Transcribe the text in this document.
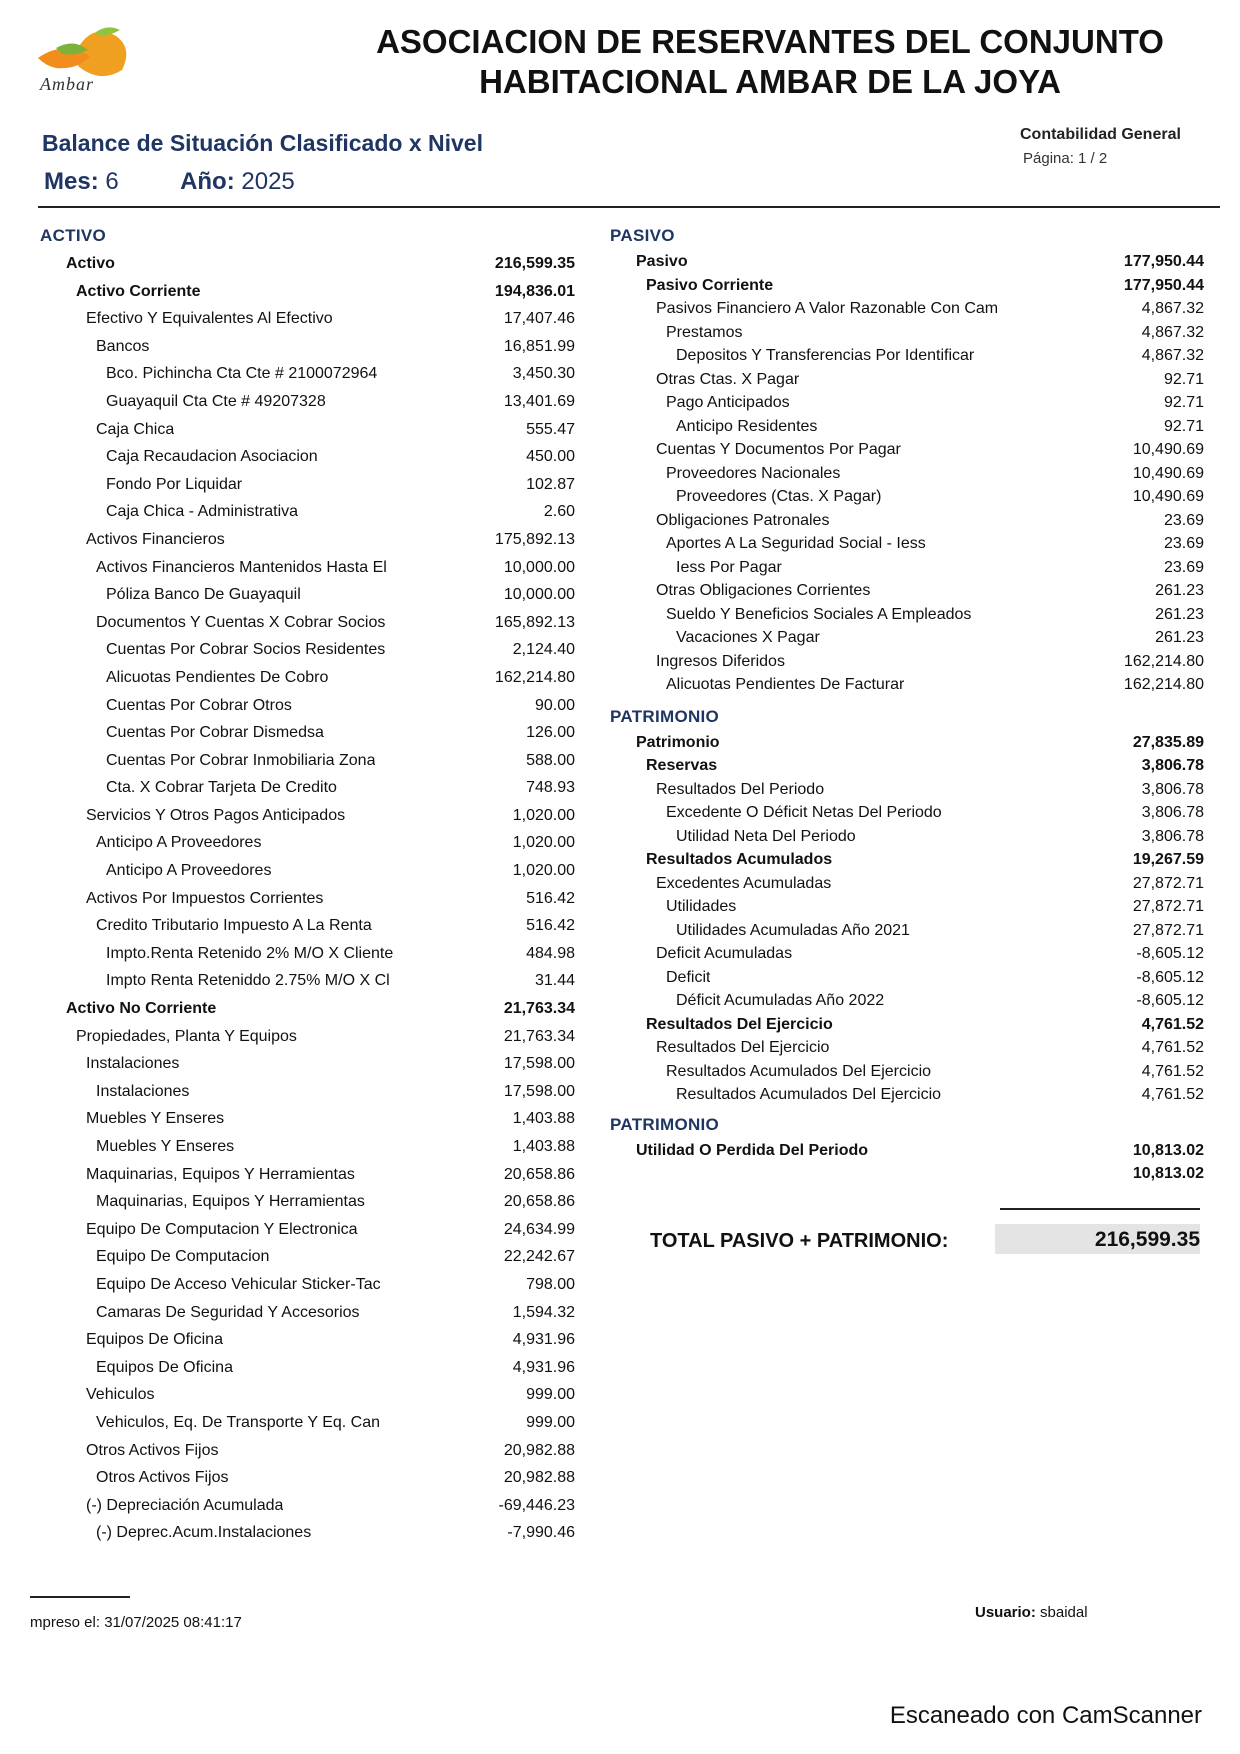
Ambar
ASOCIACION DE RESERVANTES DEL CONJUNTO
HABITACIONAL AMBAR DE LA JOYA
Balance de Situación Clasificado x Nivel
Mes: 6	Año: 2025
Contabilidad General
Página: 1 / 2
ACTIVO
Activo	216,599.35
Activo Corriente	194,836.01
Efectivo Y Equivalentes Al Efectivo	17,407.46
Bancos	16,851.99
Bco. Pichincha Cta Cte # 2100072964	3,450.30
Guayaquil Cta Cte # 49207328	13,401.69
Caja Chica	555.47
Caja Recaudacion Asociacion	450.00
Fondo Por Liquidar	102.87
Caja Chica - Administrativa	2.60
Activos Financieros	175,892.13
Activos Financieros Mantenidos Hasta El	10,000.00
Póliza Banco De Guayaquil	10,000.00
Documentos Y Cuentas X Cobrar Socios	165,892.13
Cuentas Por Cobrar Socios Residentes	2,124.40
Alicuotas Pendientes De Cobro	162,214.80
Cuentas Por Cobrar Otros	90.00
Cuentas Por Cobrar Dismedsa	126.00
Cuentas Por Cobrar Inmobiliaria Zona	588.00
Cta. X Cobrar Tarjeta De Credito	748.93
Servicios Y Otros Pagos Anticipados	1,020.00
Anticipo A Proveedores	1,020.00
Anticipo A Proveedores	1,020.00
Activos Por Impuestos Corrientes	516.42
Credito Tributario Impuesto A La Renta	516.42
Impto.Renta Retenido 2% M/O X Cliente	484.98
Impto Renta Reteniddo 2.75% M/O X Cl	31.44
Activo No Corriente	21,763.34
Propiedades, Planta Y Equipos	21,763.34
Instalaciones	17,598.00
Instalaciones	17,598.00
Muebles Y Enseres	1,403.88
Muebles Y Enseres	1,403.88
Maquinarias, Equipos Y Herramientas	20,658.86
Maquinarias, Equipos Y Herramientas	20,658.86
Equipo De Computacion Y Electronica	24,634.99
Equipo De Computacion	22,242.67
Equipo De Acceso Vehicular Sticker-Tac	798.00
Camaras De Seguridad Y Accesorios	1,594.32
Equipos De Oficina	4,931.96
Equipos De Oficina	4,931.96
Vehiculos	999.00
Vehiculos, Eq. De Transporte Y Eq. Can	999.00
Otros Activos Fijos	20,982.88
Otros Activos Fijos	20,982.88
(-) Depreciación Acumulada	-69,446.23
(-) Deprec.Acum.Instalaciones	-7,990.46
PASIVO
Pasivo	177,950.44
Pasivo Corriente	177,950.44
Pasivos Financiero A Valor Razonable Con Cam	4,867.32
Prestamos	4,867.32
Depositos Y Transferencias Por Identificar	4,867.32
Otras Ctas. X Pagar	92.71
Pago Anticipados	92.71
Anticipo Residentes	92.71
Cuentas Y Documentos Por Pagar	10,490.69
Proveedores Nacionales	10,490.69
Proveedores (Ctas. X Pagar)	10,490.69
Obligaciones Patronales	23.69
Aportes A La Seguridad Social - Iess	23.69
Iess Por Pagar	23.69
Otras Obligaciones Corrientes	261.23
Sueldo Y Beneficios Sociales A Empleados	261.23
Vacaciones X Pagar	261.23
Ingresos Diferidos	162,214.80
Alicuotas Pendientes De Facturar	162,214.80
PATRIMONIO
Patrimonio	27,835.89
Reservas	3,806.78
Resultados Del Periodo	3,806.78
Excedente O Déficit Netas Del Periodo	3,806.78
Utilidad Neta Del Periodo	3,806.78
Resultados Acumulados	19,267.59
Excedentes Acumuladas	27,872.71
Utilidades	27,872.71
Utilidades Acumuladas Año 2021	27,872.71
Deficit Acumuladas	-8,605.12
Deficit	-8,605.12
Déficit Acumuladas Año 2022	-8,605.12
Resultados Del Ejercicio	4,761.52
Resultados Del Ejercicio	4,761.52
Resultados Acumulados Del Ejercicio	4,761.52
Resultados Acumulados Del Ejercicio	4,761.52
PATRIMONIO
Utilidad O Perdida Del Periodo	10,813.02
10,813.02
TOTAL PASIVO + PATRIMONIO:	216,599.35
mpreso el: 31/07/2025 08:41:17
Usuario: sbaidal
Escaneado con CamScanner
